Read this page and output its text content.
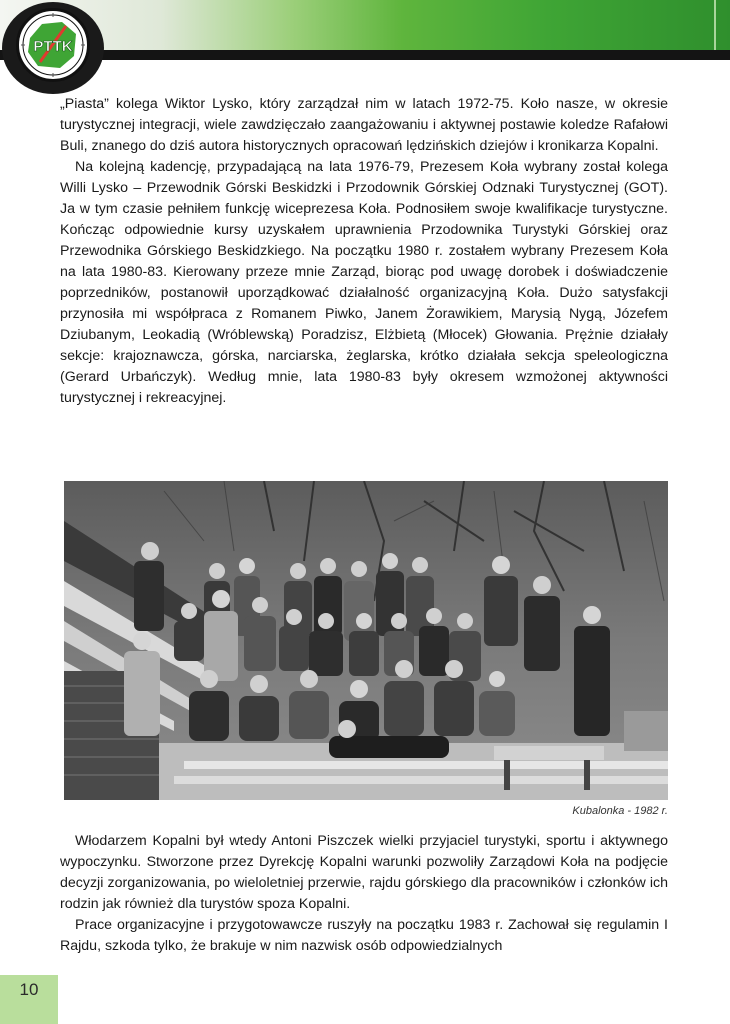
PTTK

„Piasta” kolega Wiktor Lysko, który zarządzał nim w latach 1972-75. Koło nasze, w okresie turystycznej integracji, wiele zawdzięczało zaangażowaniu i aktywnej postawie koledze Rafałowi Buli, znanego do dziś autora historycznych opracowań lędzińskich dziejów i kronikarza Kopalni.

Na kolejną kadencję, przypadającą na lata 1976-79, Prezesem Koła wybrany został kolega Willi Lysko – Przewodnik Górski Beskidzki i Przodownik Górskiej Odznaki Turystycznej (GOT). Ja w tym czasie pełniłem funkcję wiceprezesa Koła. Podnosiłem swoje kwalifikacje turystyczne. Kończąc odpowiednie kursy uzyskałem uprawnienia Przodownika Turystyki Górskiej oraz Przewodnika Górskiego Beskidzkiego. Na początku 1980 r. zostałem wybrany Prezesem Koła na lata 1980-83. Kierowany przeze mnie Zarząd, biorąc pod uwagę dorobek i doświadczenie poprzedników, postanowił uporządkować działalność organizacyjną Koła. Dużo satysfakcji przynosiła mi współpraca z Romanem Piwko, Janem Żorawikiem, Marysią Nygą, Józefem Dziubanym, Leokadią (Wróblewską) Poradzisz, Elżbietą (Młocek) Głowania. Prężnie działały sekcje: krajoznawcza, górska, narciarska, żeglarska, krótko działała sekcja speleologiczna (Gerard Urbańczyk). Według mnie, lata 1980-83 były okresem wzmożonej aktywności turystycznej i rekreacyjnej.

Kubalonka - 1982 r.

Włodarzem Kopalni był wtedy Antoni Piszczek wielki przyjaciel turystyki, sportu i aktywnego wypoczynku. Stworzone przez Dyrekcję Kopalni warunki pozwoliły Zarządowi Koła na podjęcie decyzji zorganizowania, po wieloletniej przerwie, rajdu górskiego dla pracowników i członków ich rodzin jak również dla turystów spoza Kopalni.

Prace organizacyjne i przygotowawcze ruszyły na początku 1983 r. Zachował się regulamin I Rajdu, szkoda tylko, że brakuje w nim nazwisk osób odpowiedzialnych

10
